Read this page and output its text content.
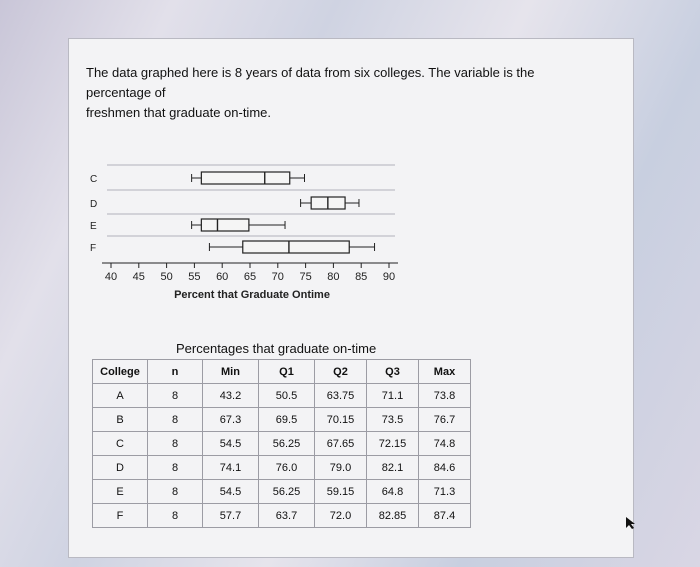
The data graphed here is 8 years of data from six colleges. The variable is the
percentage of
freshmen that graduate on-time.
C
D
E
F
40 45 50 55 60 65 70 75 80 85 90
Percent that Graduate Ontime
Percentages that graduate on-time
College	n	Min	Q1	Q2	Q3	Max
A	8	43.2	50.5	63.75	71.1	73.8
B	8	67.3	69.5	70.15	73.5	76.7
C	8	54.5	56.25	67.65	72.15	74.8
D	8	74.1	76.0	79.0	82.1	84.6
E	8	54.5	56.25	59.15	64.8	71.3
F	8	57.7	63.7	72.0	82.85	87.4
